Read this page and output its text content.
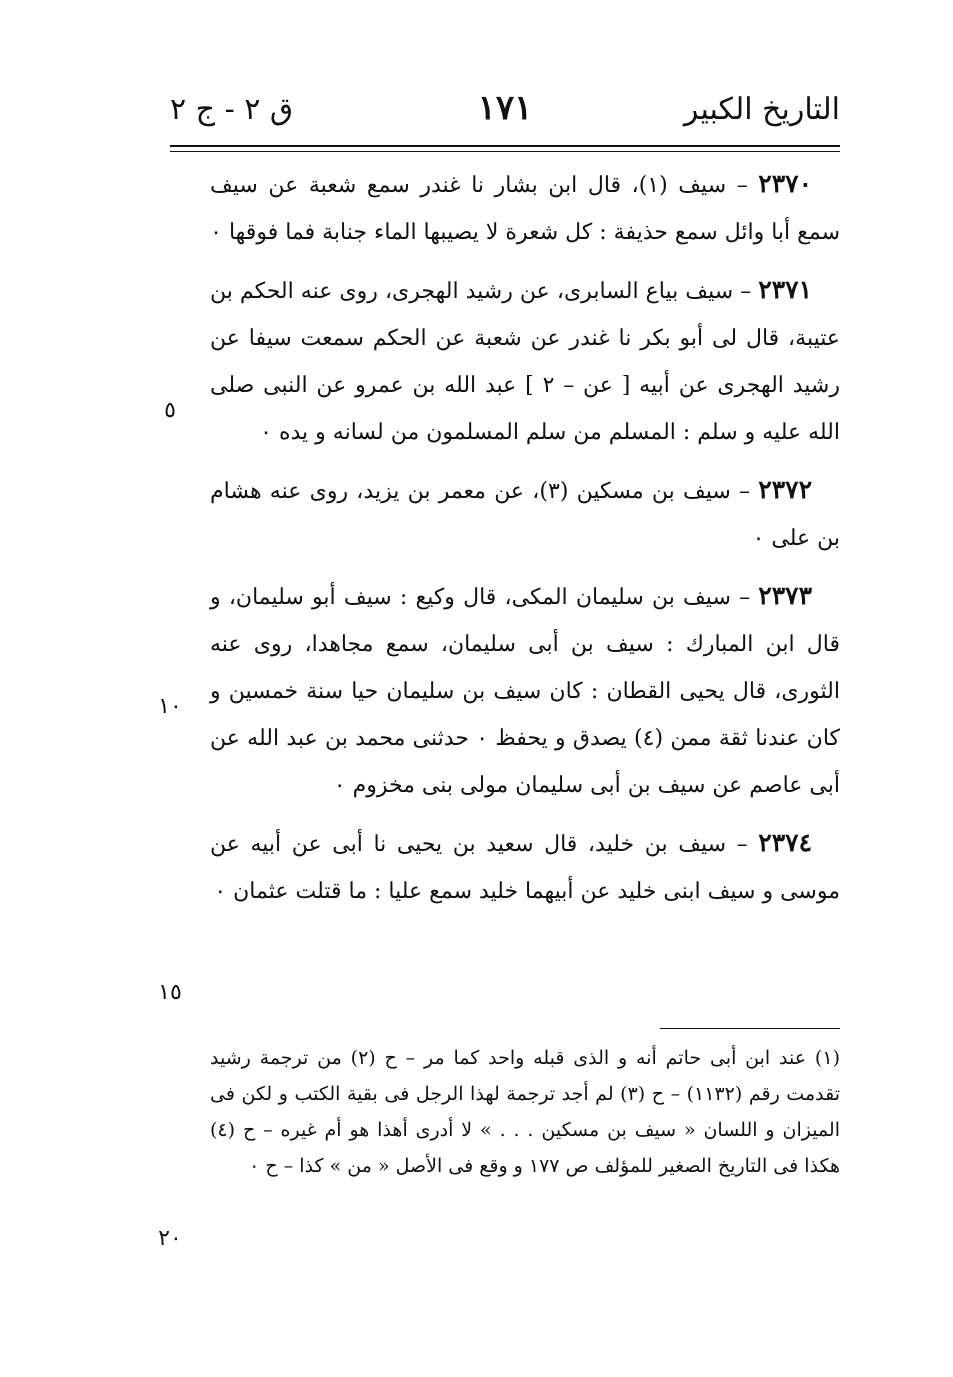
التاريخ الكبير
١٧١
ق ٢ - ج ٢

٢٣٧٠ – سيف (١)، قال ابن بشار نا غندر سمع شعبة عن سيف سمع أبا وائل سمع حذيفة : كل شعرة لا يصيبها الماء جنابة فما فوقها ٠

٢٣٧١ – سيف بياع السابرى، عن رشيد الهجرى، روى عنه الحكم بن عتيبة، قال لى أبو بكر نا غندر عن شعبة عن الحكم سمعت سيفا عن رشيد الهجرى عن أبيه [ عن – ٢ ] عبد الله بن عمرو عن النبى صلى الله عليه و سلم : المسلم من سلم المسلمون من لسانه و يده ٠

٢٣٧٢ – سيف بن مسكين (٣)، عن معمر بن يزيد، روى عنه هشام بن على ٠

٢٣٧٣ – سيف بن سليمان المكى، قال وكيع : سيف أبو سليمان، و قال ابن المبارك : سيف بن أبى سليمان، سمع مجاهدا، روى عنه الثورى، قال يحيى القطان : كان سيف بن سليمان حيا سنة خمسين و كان عندنا ثقة ممن (٤) يصدق و يحفظ ٠ حدثنى محمد بن عبد الله عن أبى عاصم عن سيف بن أبى سليمان مولى بنى مخزوم ٠

٢٣٧٤ – سيف بن خليد، قال سعيد بن يحيى نا أبى عن أبيه عن موسى و سيف ابنى خليد عن أبيهما خليد سمع عليا : ما قتلت عثمان ٠

٥
١٠
١٥
٢٠

(١) عند ابن أبى حاتم أنه و الذى قبله واحد كما مر – ح (٢) من ترجمة رشيد تقدمت رقم (١١٣٢) – ح (٣) لم أجد ترجمة لهذا الرجل فى بقية الكتب و لكن فى الميزان و اللسان « سيف بن مسكين . . . » لا أدرى أهذا هو أم غيره – ح (٤) هكذا فى التاريخ الصغير للمؤلف ص ١٧٧ و وقع فى الأصل « من » كذا – ح ٠
